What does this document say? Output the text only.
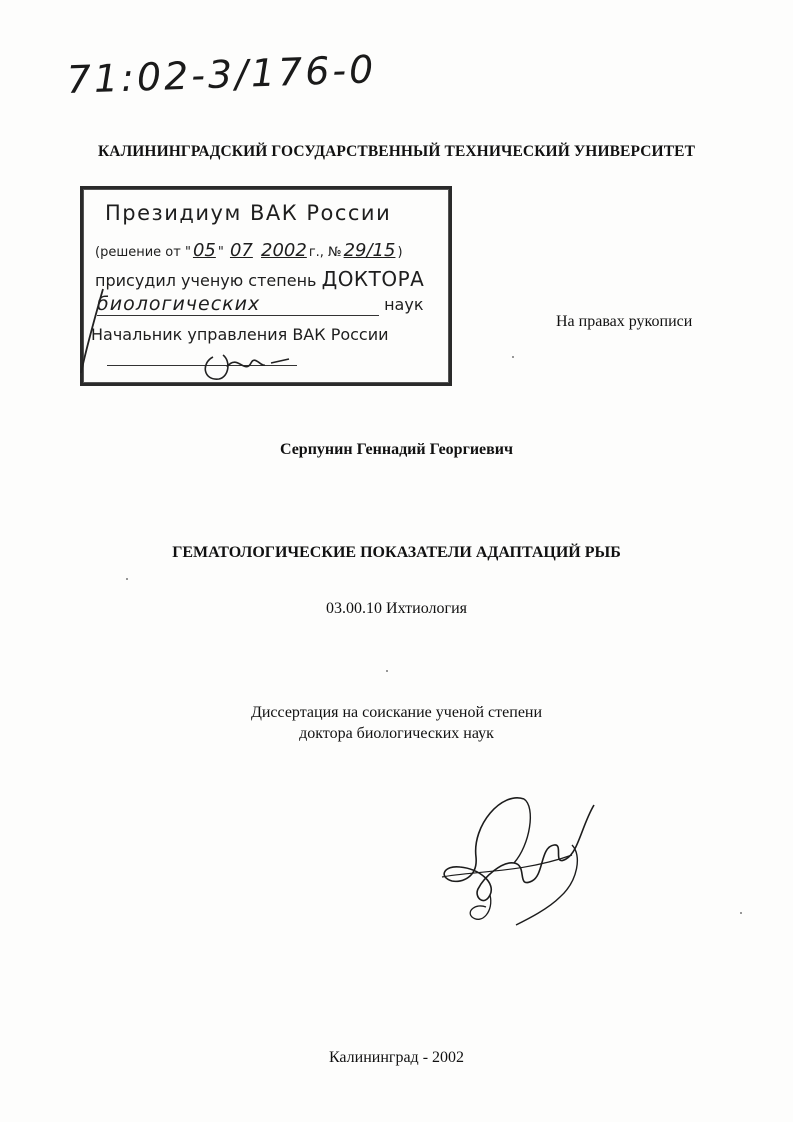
71:02-3/176-0
КАЛИНИНГРАДСКИЙ ГОСУДАРСТВЕННЫЙ ТЕХНИЧЕСКИЙ УНИВЕРСИТЕТ
Президиум ВАК России
(решение от " 05 " 07 2002 г., № 29/15 )
присудил ученую степень ДОКТОРА
биологических	наук
Начальник управления ВАК России
На правах рукописи
Серпунин Геннадий Георгиевич
ГЕМАТОЛОГИЧЕСКИЕ ПОКАЗАТЕЛИ АДАПТАЦИЙ РЫБ
03.00.10 Ихтиология
Диссертация на соискание ученой степени
доктора биологических наук
Калининград - 2002
